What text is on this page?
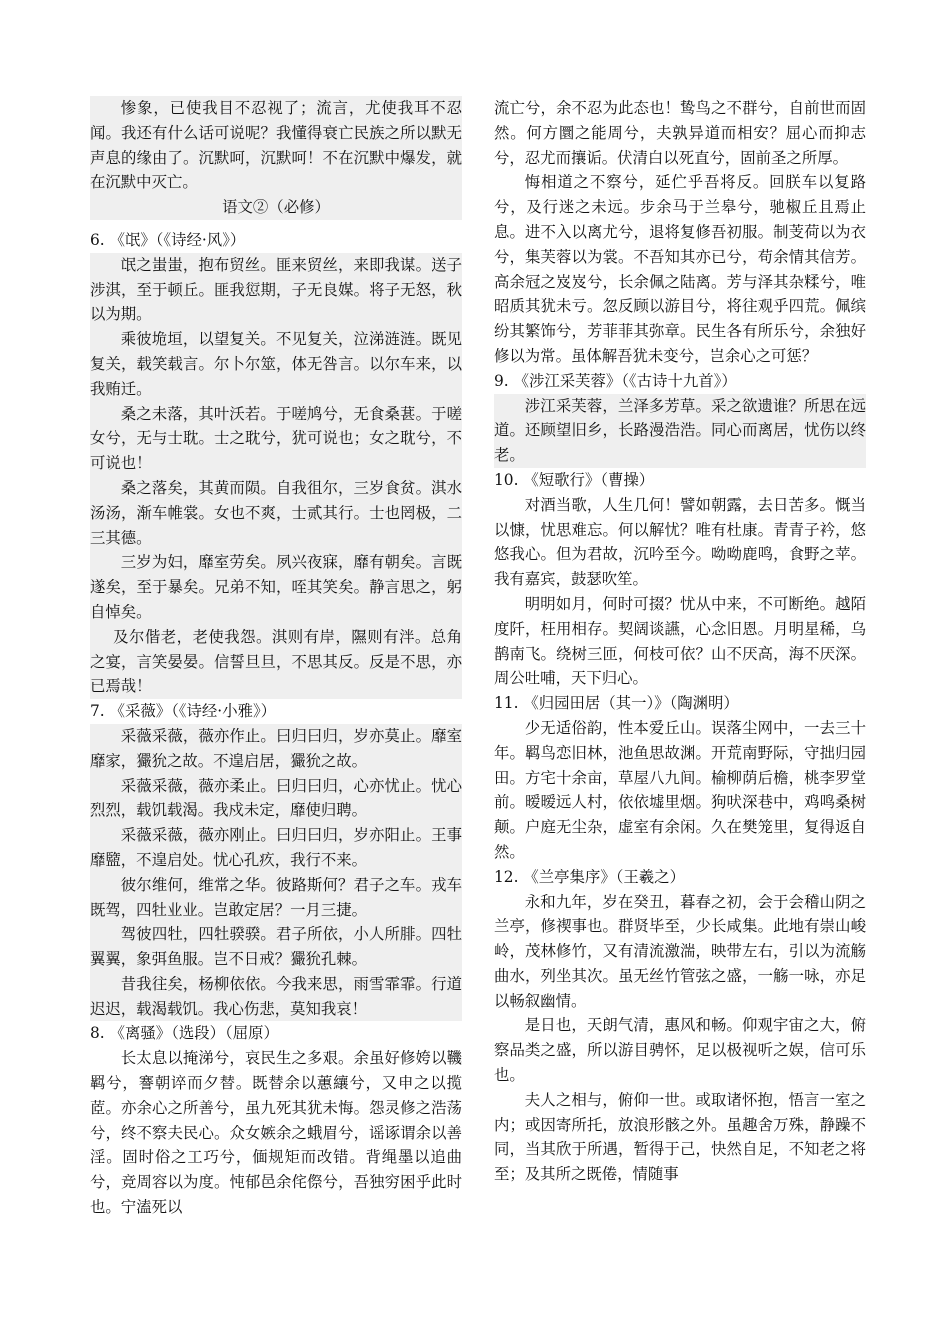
惨象，已使我目不忍视了；流言，尤使我耳不忍闻。我还有什么话可说呢？我懂得衰亡民族之所以默无声息的缘由了。沉默呵，沉默呵！不在沉默中爆发，就在沉默中灭亡。

语文②（必修）

6. 《氓》（《诗经·风》）

氓之蚩蚩，抱布贸丝。匪来贸丝，来即我谋。送子涉淇，至于顿丘。匪我愆期，子无良媒。将子无怒，秋以为期。

乘彼垝垣，以望复关。不见复关，泣涕涟涟。既见复关，载笑载言。尔卜尔筮，体无咎言。以尔车来，以我贿迁。

桑之未落，其叶沃若。于嗟鸠兮，无食桑葚。于嗟女兮，无与士耽。士之耽兮，犹可说也；女之耽兮，不可说也！

桑之落矣，其黄而陨。自我徂尔，三岁食贫。淇水汤汤，渐车帷裳。女也不爽，士贰其行。士也罔极，二三其德。

三岁为妇，靡室劳矣。夙兴夜寐，靡有朝矣。言既遂矣，至于暴矣。兄弟不知，咥其笑矣。静言思之，躬自悼矣。

及尔偕老，老使我怨。淇则有岸，隰则有泮。总角之宴，言笑晏晏。信誓旦旦，不思其反。反是不思，亦已焉哉！

7. 《采薇》（《诗经·小雅》）

采薇采薇，薇亦作止。曰归曰归，岁亦莫止。靡室靡家，玁狁之故。不遑启居，玁狁之故。

采薇采薇，薇亦柔止。曰归曰归，心亦忧止。忧心烈烈，载饥载渴。我戍未定，靡使归聘。

采薇采薇，薇亦刚止。曰归曰归，岁亦阳止。王事靡盬，不遑启处。忧心孔疚，我行不来。

彼尔维何，维常之华。彼路斯何？君子之车。戎车既驾，四牡业业。岂敢定居？一月三捷。

驾彼四牡，四牡骙骙。君子所依，小人所腓。四牡翼翼，象弭鱼服。岂不日戒？玁狁孔棘。

昔我往矣，杨柳依依。今我来思，雨雪霏霏。行道迟迟，载渴载饥。我心伤悲，莫知我哀！

8. 《离骚》（选段）（屈原）

长太息以掩涕兮，哀民生之多艰。余虽好修姱以鞿羁兮，謇朝谇而夕替。既替余以蕙纕兮，又申之以揽茝。亦余心之所善兮，虽九死其犹未悔。怨灵修之浩荡兮，终不察夫民心。众女嫉余之蛾眉兮，谣诼谓余以善淫。固时俗之工巧兮，偭规矩而改错。背绳墨以追曲兮，竞周容以为度。忳郁邑余侘傺兮，吾独穷困乎此时也。宁溘死以

流亡兮，余不忍为此态也！鸷鸟之不群兮，自前世而固然。何方圜之能周兮，夫孰异道而相安？屈心而抑志兮，忍尤而攘诟。伏清白以死直兮，固前圣之所厚。

悔相道之不察兮，延伫乎吾将反。回朕车以复路兮，及行迷之未远。步余马于兰皋兮，驰椒丘且焉止息。进不入以离尤兮，退将复修吾初服。制芰荷以为衣兮，集芙蓉以为裳。不吾知其亦已兮，苟余情其信芳。高余冠之岌岌兮，长余佩之陆离。芳与泽其杂糅兮，唯昭质其犹未亏。忽反顾以游目兮，将往观乎四荒。佩缤纷其繁饰兮，芳菲菲其弥章。民生各有所乐兮，余独好修以为常。虽体解吾犹未变兮，岂余心之可惩？

9. 《涉江采芙蓉》（《古诗十九首》）

涉江采芙蓉，兰泽多芳草。采之欲遗谁？所思在远道。还顾望旧乡，长路漫浩浩。同心而离居，忧伤以终老。

10. 《短歌行》（曹操）

对酒当歌，人生几何！譬如朝露，去日苦多。慨当以慷，忧思难忘。何以解忧？唯有杜康。青青子衿，悠悠我心。但为君故，沉吟至今。呦呦鹿鸣，食野之苹。我有嘉宾，鼓瑟吹笙。

明明如月，何时可掇？忧从中来，不可断绝。越陌度阡，枉用相存。契阔谈讌，心念旧恩。月明星稀，乌鹊南飞。绕树三匝，何枝可依？山不厌高，海不厌深。周公吐哺，天下归心。

11. 《归园田居（其一）》（陶渊明）

少无适俗韵，性本爱丘山。误落尘网中，一去三十年。羁鸟恋旧林，池鱼思故渊。开荒南野际，守拙归园田。方宅十余亩，草屋八九间。榆柳荫后檐，桃李罗堂前。暧暧远人村，依依墟里烟。狗吠深巷中，鸡鸣桑树颠。户庭无尘杂，虚室有余闲。久在樊笼里，复得返自然。

12. 《兰亭集序》（王羲之）

永和九年，岁在癸丑，暮春之初，会于会稽山阴之兰亭，修禊事也。群贤毕至，少长咸集。此地有崇山峻岭，茂林修竹，又有清流激湍，映带左右，引以为流觞曲水，列坐其次。虽无丝竹管弦之盛，一觞一咏，亦足以畅叙幽情。

是日也，天朗气清，惠风和畅。仰观宇宙之大，俯察品类之盛，所以游目骋怀，足以极视听之娱，信可乐也。

夫人之相与，俯仰一世。或取诸怀抱，悟言一室之内；或因寄所托，放浪形骸之外。虽趣舍万殊，静躁不同，当其欣于所遇，暂得于己，快然自足，不知老之将至；及其所之既倦，情随事
